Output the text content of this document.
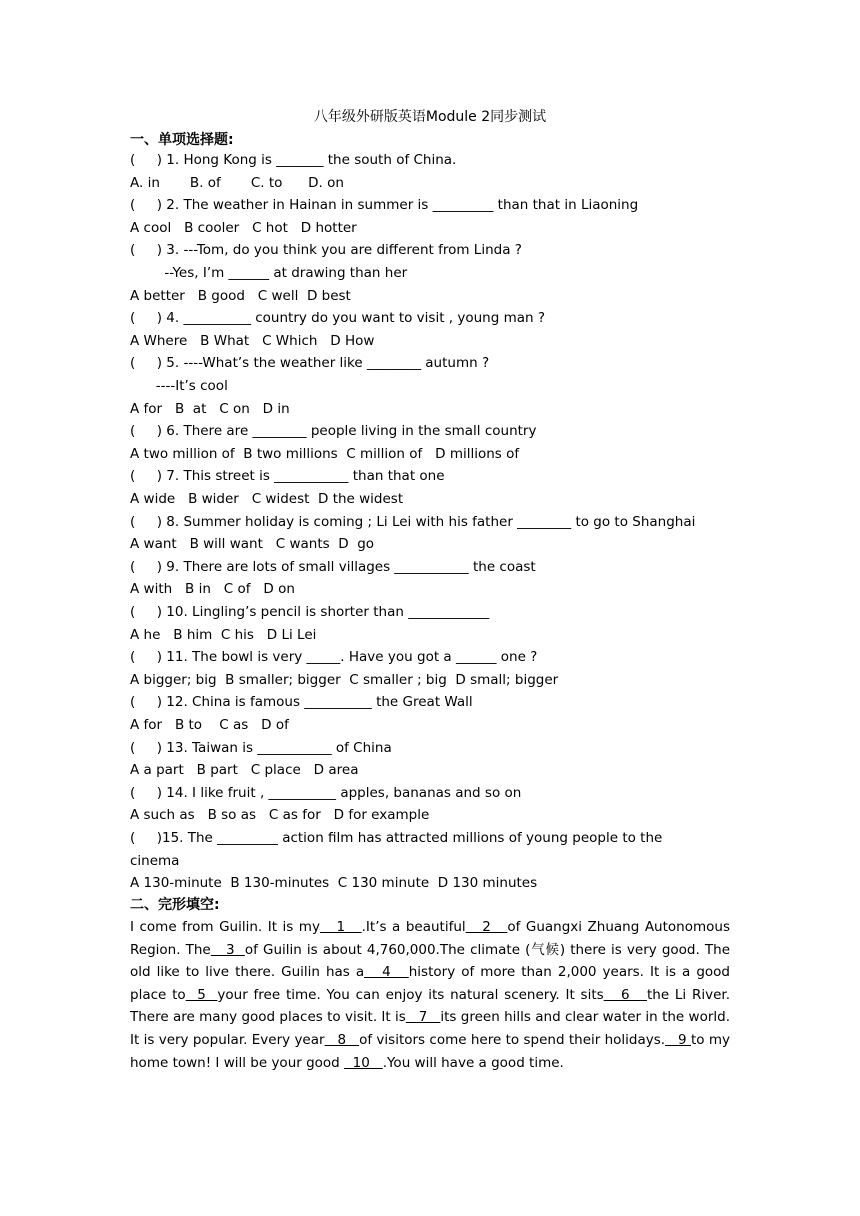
八年级外研版英语Module 2同步测试
一、单项选择题:
(     ) 1. Hong Kong is _______ the south of China.
A. in       B. of       C. to      D. on
(     ) 2. The weather in Hainan in summer is _________ than that in Liaoning
A cool   B cooler   C hot   D hotter
(     ) 3. ---Tom, do you think you are different from Linda ?
--Yes, I’m ______ at drawing than her
A better   B good   C well  D best
(     ) 4. __________ country do you want to visit , young man ?
A Where   B What   C Which   D How
(     ) 5. ----What’s the weather like ________ autumn ?
----It’s cool
A for   B  at   C on   D in
(     ) 6. There are ________ people living in the small country
A two million of  B two millions  C million of   D millions of
(     ) 7. This street is ___________ than that one
A wide   B wider   C widest  D the widest
(     ) 8. Summer holiday is coming ; Li Lei with his father ________ to go to Shanghai
A want   B will want   C wants  D  go
(     ) 9. There are lots of small villages ___________ the coast
A with   B in   C of   D on
(     ) 10. Lingling’s pencil is shorter than ____________
A he   B him  C his   D Li Lei
(     ) 11. The bowl is very _____. Have you got a ______ one ?
A bigger; big  B smaller; bigger  C smaller ; big  D small; bigger
(     ) 12. China is famous __________ the Great Wall
A for   B to    C as   D of
(     ) 13. Taiwan is ___________ of China
A a part   B part   C place   D area
(     ) 14. I like fruit , __________ apples, bananas and so on
A such as   B so as   C as for   D for example
(     )15. The _________ action film has attracted millions of young people to the
cinema
A 130-minute  B 130-minutes  C 130 minute  D 130 minutes
二、完形填空:
I come from Guilin. It is my   1   .It’s a beautiful   2   of Guangxi Zhuang Autonomous Region. The   3  of Guilin is about 4,760,000.The climate (气候) there is very good. The old like to live there. Guilin has a   4   history of more than 2,000 years. It is a good place to  5  your free time. You can enjoy its natural scenery. It sits   6   the Li River. There are many good places to visit. It is   7   its green hills and clear water in the world. It is very popular. Every year   8   of visitors come here to spend their holidays.   9 to my home town! I will be your good   10   .You will have a good time.
